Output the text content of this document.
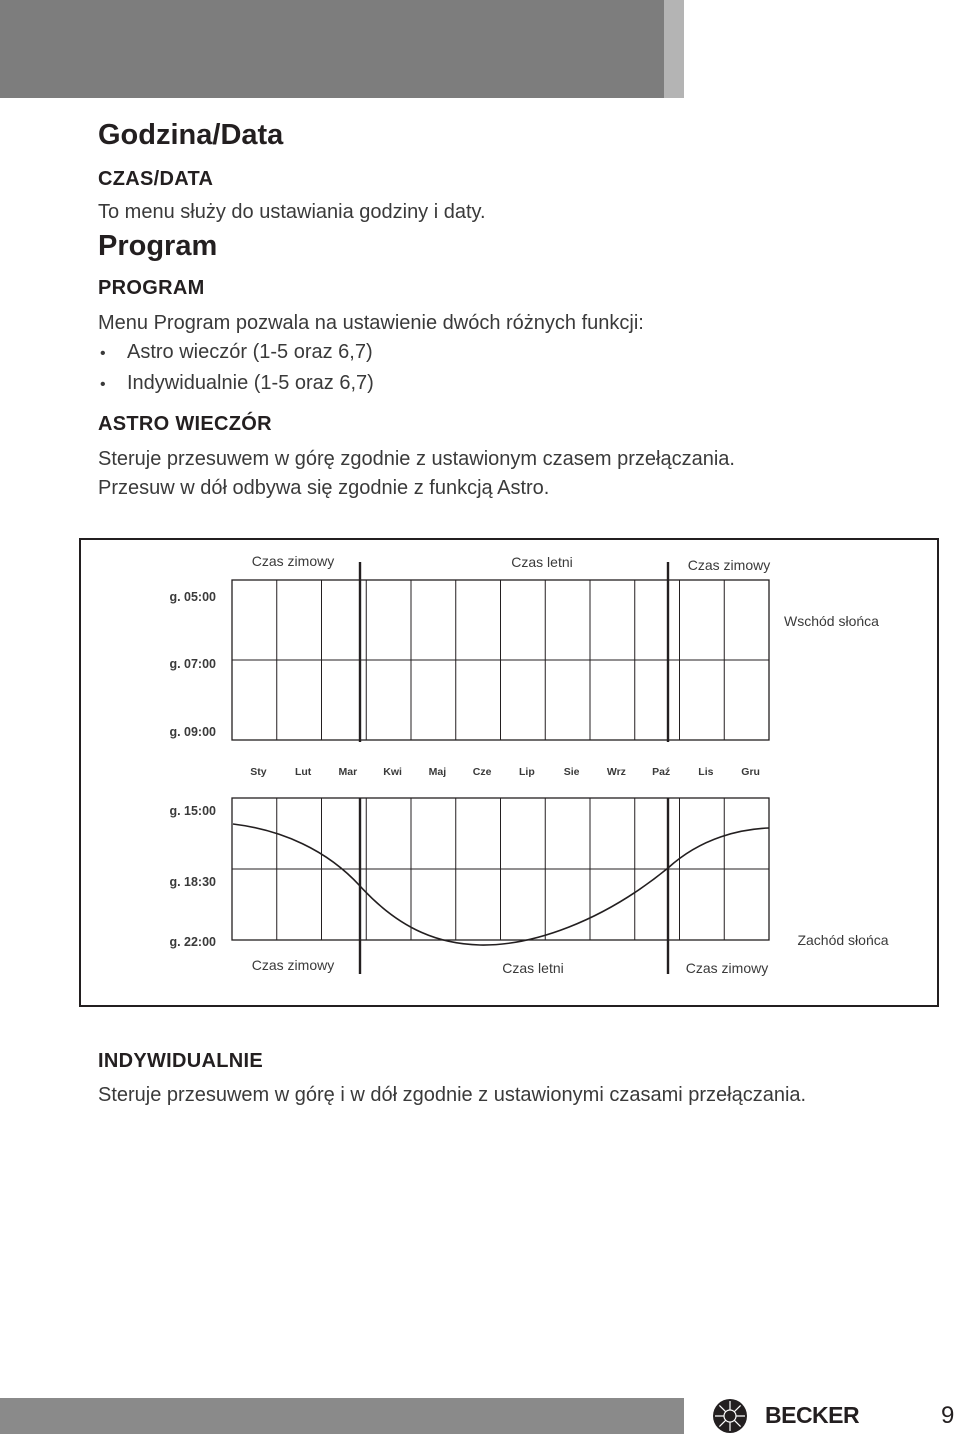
Godzina/Data
CZAS/DATA
To menu służy do ustawiania godziny i daty.
Program
PROGRAM
Menu Program pozwala na ustawienie dwóch różnych funkcji:
• Astro wieczór (1-5 oraz 6,7)
• Indywidualnie (1-5 oraz 6,7)
ASTRO WIECZÓR
Steruje przesuwem w górę zgodnie z ustawionym czasem przełączania.
Przesuw w dół odbywa się zgodnie z funkcją Astro.
Czas zimowy	Czas letni	Czas zimowy
Wschód słońca
g. 05:00
g. 07:00
g. 09:00
Sty	Lut	Mar Kwi	Maj	Cze	Lip	Sie	Wrz Paź	Lis	Gru
g. 15:00
g. 18:30
g. 22:00	Zachód słońca
Czas zimowy	Czas letni	Czas zimowy
INDYWIDUALNIE
Steruje przesuwem w górę i w dół zgodnie z ustawionymi czasami przełączania.
BECKER	9
